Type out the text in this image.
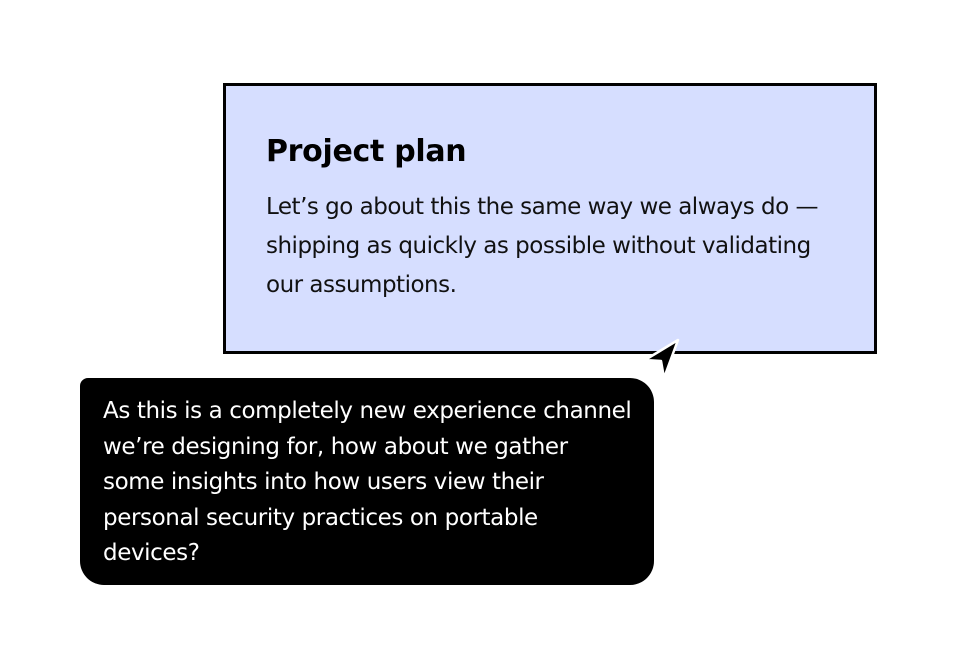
Project plan

Let’s go about this the same way we always do —shipping as quickly as possible without validating our assumptions.

As this is a completely new experience channel we’re designing for, how about we gather some insights into how users view their personal security practices on portable devices?
